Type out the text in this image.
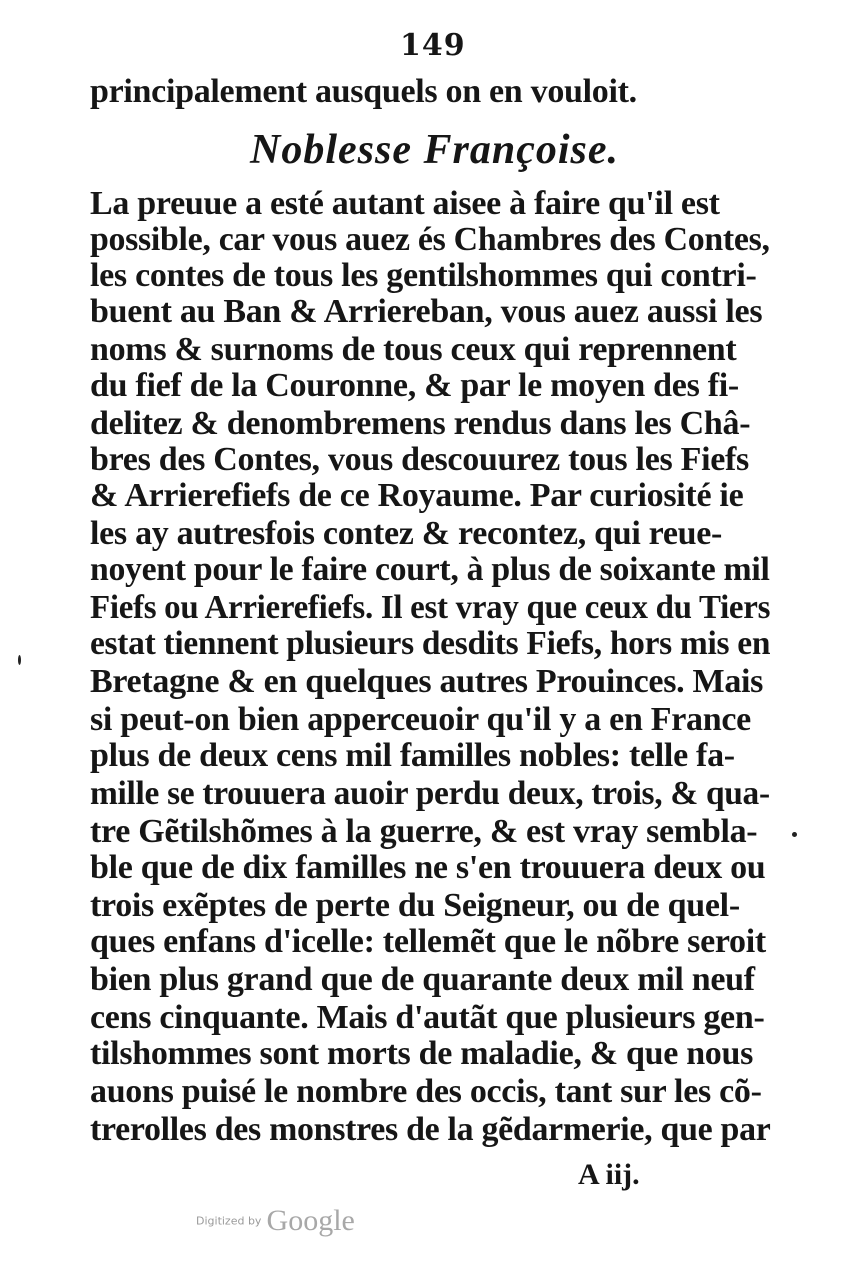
149
principalement ausquels on en vouloit.
Noblesse Françoise.
La preuue a esté autant aisee à faire qu'il est
possible, car vous auez és Chambres des Contes,
les contes de tous les gentilshommes qui contri-
buent au Ban & Arriereban, vous auez aussi les
noms & surnoms de tous ceux qui reprennent
du fief de la Couronne, & par le moyen des fi-
delitez & denombremens rendus dans les Châ-
bres des Contes, vous descouurez tous les Fiefs
& Arrierefiefs de ce Royaume. Par curiosité ie
les ay autresfois contez & recontez, qui reue-
noyent pour le faire court, à plus de soixante mil
Fiefs ou Arrierefiefs. Il est vray que ceux du Tiers
estat tiennent plusieurs desdits Fiefs, hors mis en
Bretagne & en quelques autres Prouinces. Mais
si peut-on bien apperceuoir qu'il y a en France
plus de deux cens mil familles nobles: telle fa-
mille se trouuera auoir perdu deux, trois, & qua-
tre Gẽtilshõmes à la guerre, & est vray sembla-
ble que de dix familles ne s'en trouuera deux ou
trois exẽptes de perte du Seigneur, ou de quel-
ques enfans d'icelle: tellemẽt que le nõbre seroit
bien plus grand que de quarante deux mil neuf
cens cinquante. Mais d'autãt que plusieurs gen-
tilshommes sont morts de maladie, & que nous
auons puisé le nombre des occis, tant sur les cõ-
trerolles des monstres de la gẽdarmerie, que par
A iij.
Digitized by Google
